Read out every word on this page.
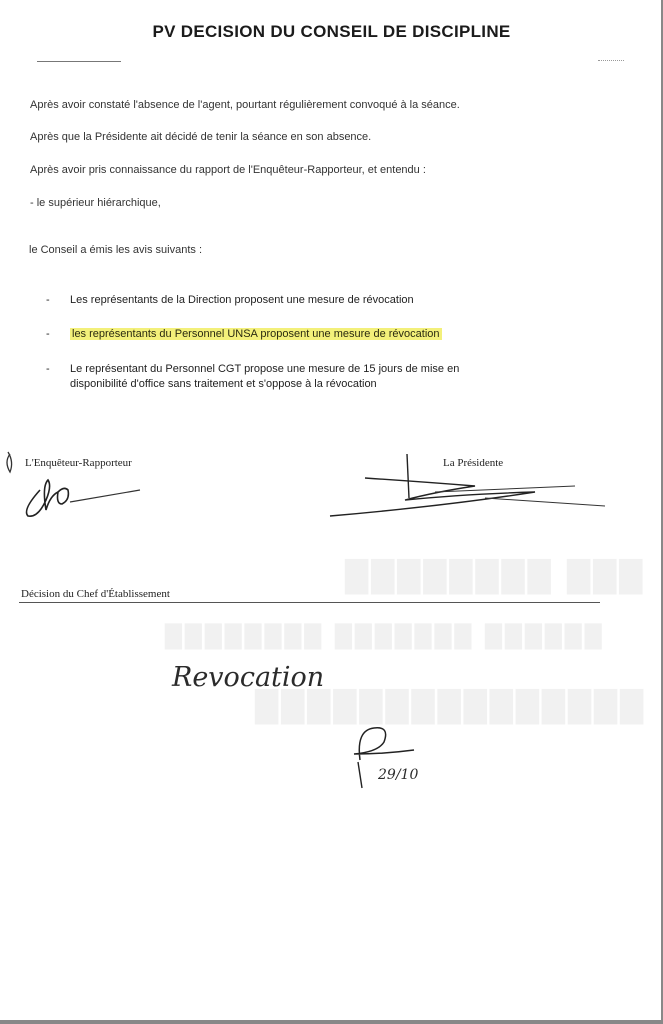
████████ ███
████████ ███████ ██████
███████████████
PV DECISION DU CONSEIL DE DISCIPLINE
Après avoir constaté l'absence de l'agent, pourtant régulièrement convoqué à la séance.
Après que la Présidente ait décidé de tenir la séance en son absence.
Après avoir pris connaissance du rapport de l'Enquêteur-Rapporteur, et entendu :
- le supérieur hiérarchique,
le Conseil a émis les avis suivants :
- Les représentants de la Direction proposent une mesure de révocation
- les représentants du Personnel UNSA proposent une mesure de révocation
- Le représentant du Personnel CGT propose une mesure de 15 jours de mise en
disponibilité d'office sans traitement et s'oppose à la révocation
L'Enquêteur-Rapporteur	La Présidente
Décision du Chef d'Établissement
Revocation
29/10
